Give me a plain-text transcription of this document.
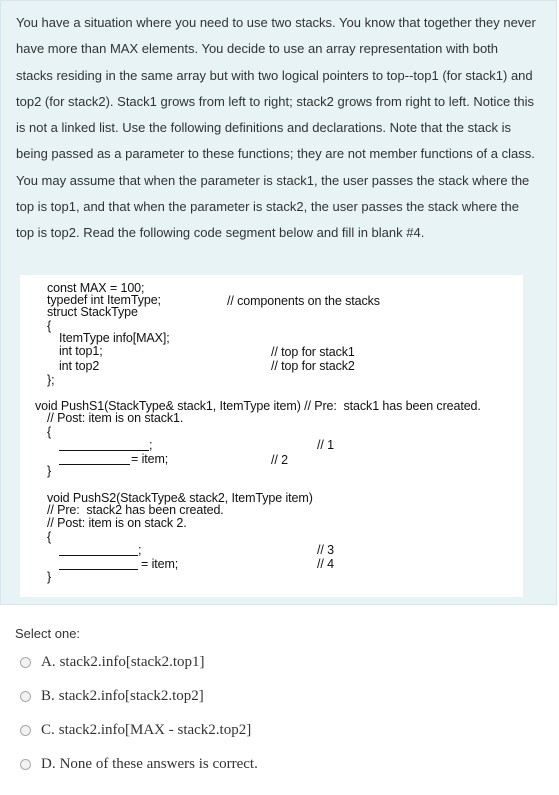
You have a situation where you need to use two stacks. You know that together they never have more than MAX elements. You decide to use an array representation with both stacks residing in the same array but with two logical pointers to top--top1 (for stack1) and top2 (for stack2). Stack1 grows from left to right; stack2 grows from right to left. Notice this is not a linked list. Use the following definitions and declarations. Note that the stack is being passed as a parameter to these functions; they are not member functions of a class. You may assume that when the parameter is stack1, the user passes the stack where the top is top1, and that when the parameter is stack2, the user passes the stack where the top is top2. Read the following code segment below and fill in blank #4.
const MAX = 100;
typedef int ItemType;	// components on the stacks
struct StackType
{
ItemType info[MAX];
int top1;	// top for stack1
int top2	// top for stack2
};
void PushS1(StackType& stack1, ItemType item) // Pre:  stack1 has been created.
// Post: item is on stack1.
{
;	// 1
= item;	// 2
}
void PushS2(StackType& stack2, ItemType item)
// Pre:  stack2 has been created.
// Post: item is on stack 2.
{
;	// 3
= item;	// 4
}
Select one:
A. stack2.info[stack2.top1]
B. stack2.info[stack2.top2]
C. stack2.info[MAX - stack2.top2]
D. None of these answers is correct.
